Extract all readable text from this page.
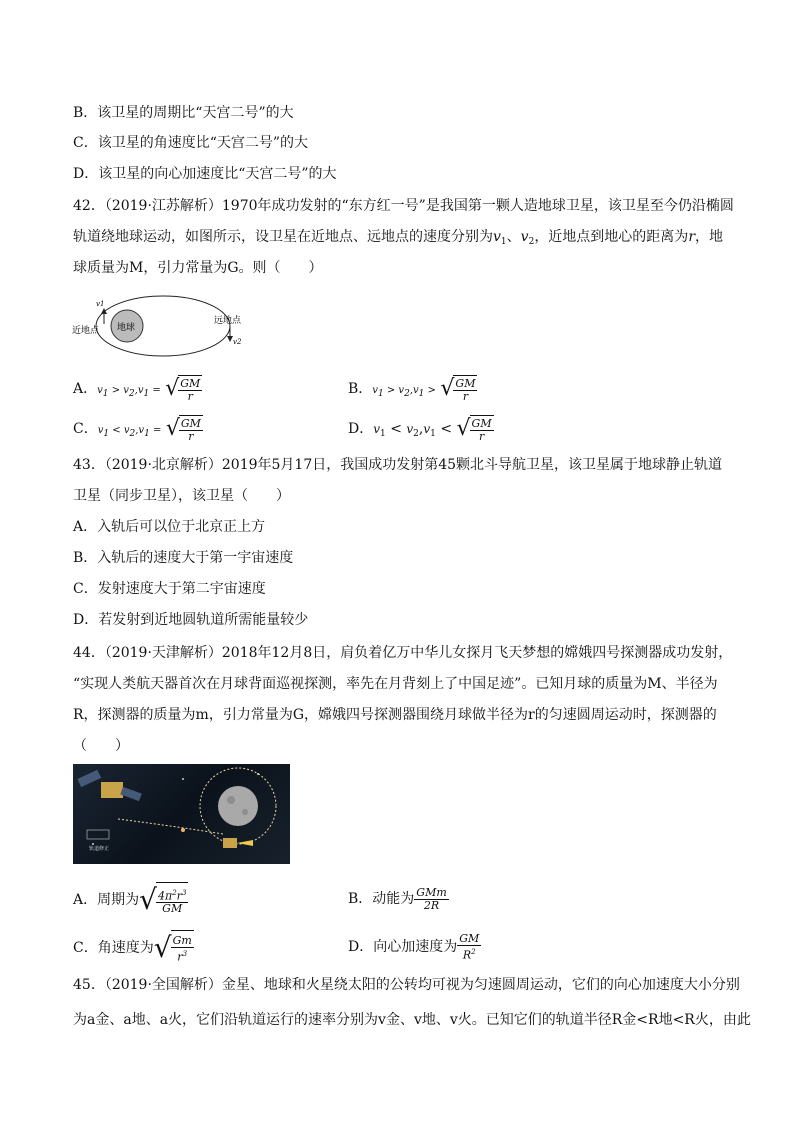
B．该卫星的周期比“天宫二号”的大
C．该卫星的角速度比“天宫二号”的大
D．该卫星的向心加速度比“天宫二号”的大
42．（2019·江苏解析）1970年成功发射的“东方红一号”是我国第一颗人造地球卫星，该卫星至今仍沿椭圆
轨道绕地球运动，如图所示，设卫星在近地点、远地点的速度分别为$v_1$、$v_2$，近地点到地心的距离为r，地
球质量为M，引力常量为G。则（　　）
地球
近地点
远地点
v1
v2
A．v1 > v2,v1 = √ $\frac{GM}{r}$	B．v1 > v2,v1 > √ $\frac{GM}{r}$
C．v1 < v2,v1 = √ $\frac{GM}{r}$	D．$v_1 < v_2,v_1$ < √ $\frac{GM}{r}$
43．（2019·北京解析）2019年5月17日，我国成功发射第45颗北斗导航卫星，该卫星属于地球静止轨道
卫星（同步卫星），该卫星（　　）
A．入轨后可以位于北京正上方
B．入轨后的速度大于第一宇宙速度
C．发射速度大于第二宇宙速度
D．若发射到近地圆轨道所需能量较少
44．（2019·天津解析）2018年12月8日，肩负着亿万中华儿女探月飞天梦想的嫦娥四号探测器成功发射，
“实现人类航天器首次在月球背面巡视探测，率先在月背刻上了中国足迹”。已知月球的质量为M、半径为
R，探测器的质量为m，引力常量为G，嫦娥四号探测器围绕月球做半径为r的匀速圆周运动时，探测器的
（　　）
轨道修正
A．周期为 √ $\frac{4\pi^2r^3}{GM}$	B．动能为 $\frac{\text{GMm}}{2R}$
C．角速度为 √ $\frac{Gm}{r^3}$	D．向心加速度为 $\frac{GM}{R^2}$
45．（2019·全国解析）金星、地球和火星绕太阳的公转均可视为匀速圆周运动，它们的向心加速度大小分别
为a金、a地、a火，它们沿轨道运行的速率分别为v金、v地、v火。已知它们的轨道半径R金<R地<R火，由此
